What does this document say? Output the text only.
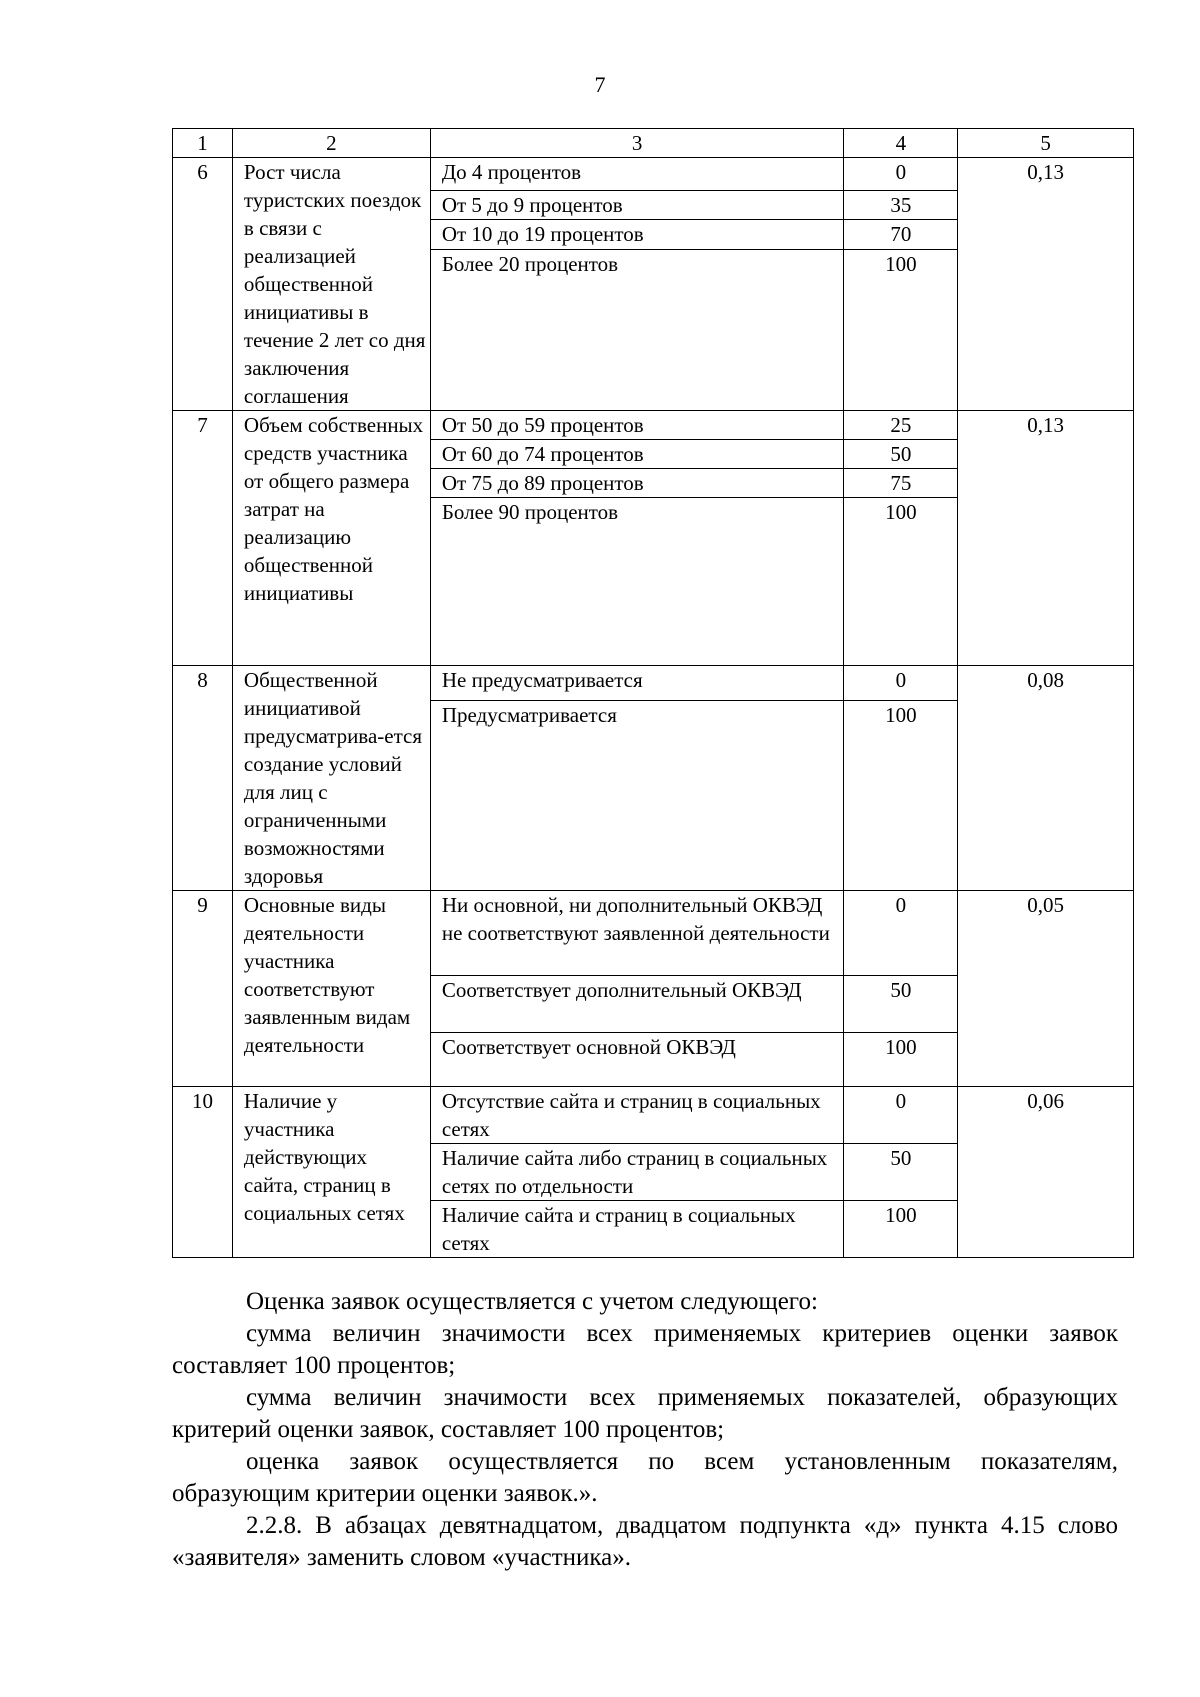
7
1	2	3	4	5
6	Рост числа туристских поездок в связи с реализацией общественной инициативы в течение 2 лет со дня заключения соглашения	До 4 процентов	0	0,13
		От 5 до 9 процентов	35	
		От 10 до 19 процентов	70	
		Более 20 процентов	100	
7	Объем собственных средств участника от общего размера затрат на реализацию общественной инициативы	От 50 до 59 процентов	25	0,13
		От 60 до 74 процентов	50	
		От 75 до 89 процентов	75	
		Более 90 процентов	100	
8	Общественной инициативой предусматрива-ется создание условий для лиц с ограниченными возможностями здоровья	Не предусматривается	0	0,08
		Предусматривается	100	
9	Основные виды деятельности участника соответствуют заявленным видам деятельности	Ни основной, ни дополнительный ОКВЭД не соответствуют заявленной деятельности	0	0,05
		Соответствует дополнительный ОКВЭД	50	
		Соответствует основной ОКВЭД	100	
10	Наличие у участника действующих сайта, страниц в социальных сетях	Отсутствие сайта и страниц в социальных сетях	0	0,06
		Наличие сайта либо страниц в социальных сетях по отдельности	50	
		Наличие сайта и страниц в социальных сетях	100	

Оценка заявок осуществляется с учетом следующего:

сумма величин значимости всех применяемых критериев оценки заявок составляет 100 процентов;

сумма величин значимости всех применяемых показателей, образующих критерий оценки заявок, составляет 100 процентов;

оценка заявок осуществляется по всем установленным показателям, образующим критерии оценки заявок.».

2.2.8. В абзацах девятнадцатом, двадцатом подпункта «д» пункта 4.15 слово «заявителя» заменить словом «участника».
